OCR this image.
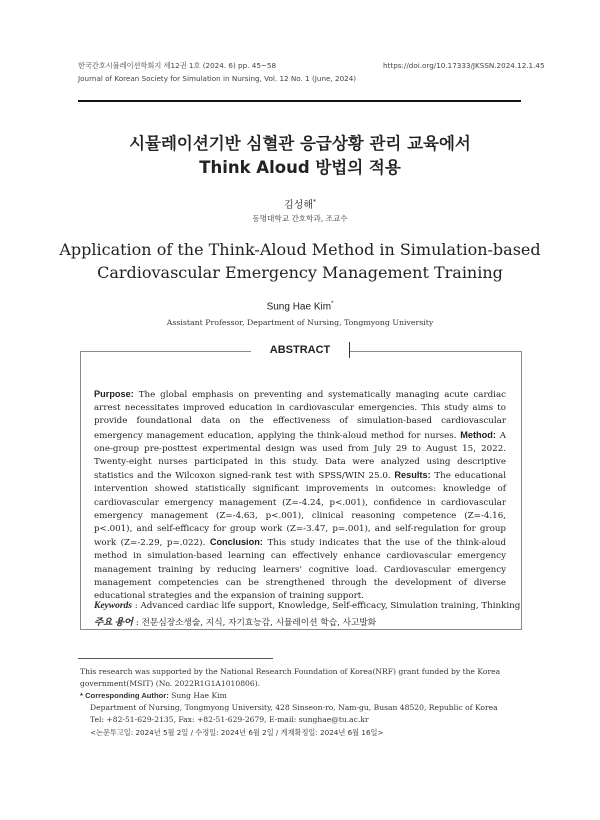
한국간호시뮬레이션학회지 세12권 1호 (2024. 6) pp. 45~58
Journal of Korean Society for Simulation in Nursing, Vol. 12 No. 1 (June, 2024)
https://doi.org/10.17333/JKSSN.2024.12.1.45
시뮬레이션기반 심혈관 응급상황 관리 교육에서
Think Aloud 방법의 적용
김성해*
동명대학교 간호학과, 조교수
Application of the Think-Aloud Method in Simulation-based
Cardiovascular Emergency Management Training
Sung Hae Kim*
Assistant Professor, Department of Nursing, Tongmyong University
ABSTRACT
Purpose: The global emphasis on preventing and systematically managing acute cardiac arrest necessitates improved education in cardiovascular emergencies. This study aims to provide foundational data on the effectiveness of simulation-based cardiovascular emergency management education, applying the think-aloud method for nurses. Method: A one-group pre-posttest experimental design was used from July 29 to August 15, 2022. Twenty-eight nurses participated in this study. Data were analyzed using descriptive statistics and the Wilcoxon signed-rank test with SPSS/WIN 25.0. Results: The educational intervention showed statistically significant improvements in outcomes: knowledge of cardiovascular emergency management (Z=-4.24, p<.001), confidence in cardiovascular emergency management (Z=-4.63, p<.001), clinical reasoning competence (Z=-4.16, p<.001), and self-efficacy for group work (Z=-3.47, p=.001), and self-regulation for group work (Z=-2.29, p=.022). Conclusion: This study indicates that the use of the think-aloud method in simulation-based learning can effectively enhance cardiovascular emergency management training by reducing learners' cognitive load. Cardiovascular emergency management competencies can be strengthened through the development of diverse educational strategies and the expansion of training support.
Keywords : Advanced cardiac life support, Knowledge, Self-efficacy, Simulation training, Thinking
주요 용어 : 전문심장소생술, 지식, 자기효능감, 시뮬레이션 학습, 사고발화
This research was supported by the National Research Foundation of Korea(NRF) grant funded by the Korea government(MSIT) (No. 2022R1G1A1010806).
* Corresponding Author: Sung Hae Kim
Department of Nursing, Tongmyong University, 428 Sinseon-ro, Nam-gu, Busan 48520, Republic of Korea
Tel: +82-51-629-2135, Fax: +82-51-629-2679, E-mail: sunghae@tu.ac.kr
<논문투고일: 2024년 5월 2일 / 수정일: 2024년 6월 2일 / 게재확정일: 2024년 6월 16일>
